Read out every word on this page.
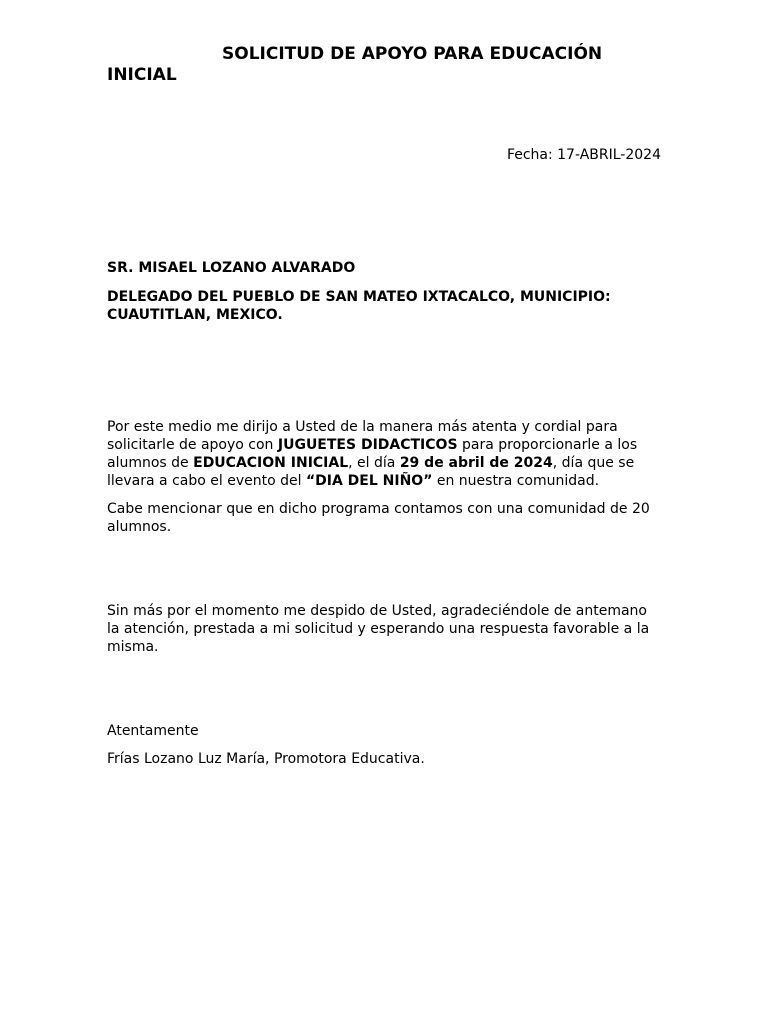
SOLICITUD DE APOYO PARA EDUCACIÓN INICIAL
Fecha: 17-ABRIL-2024

SR. MISAEL LOZANO ALVARADO

DELEGADO DEL PUEBLO DE SAN MATEO IXTACALCO, MUNICIPIO: CUAUTITLAN, MEXICO.

Por este medio me dirijo a Usted de la manera más atenta y cordial para solicitarle de apoyo con JUGUETES DIDACTICOS para proporcionarle a los alumnos de EDUCACION INICIAL, el día 29 de abril de 2024, día que se llevara a cabo el evento del “DIA DEL NIÑO” en nuestra comunidad.

Cabe mencionar que en dicho programa contamos con una comunidad de 20 alumnos.

Sin más por el momento me despido de Usted, agradeciéndole de antemano la atención, prestada a mi solicitud y esperando una respuesta favorable a la misma.

Atentamente

Frías Lozano Luz María, Promotora Educativa.
